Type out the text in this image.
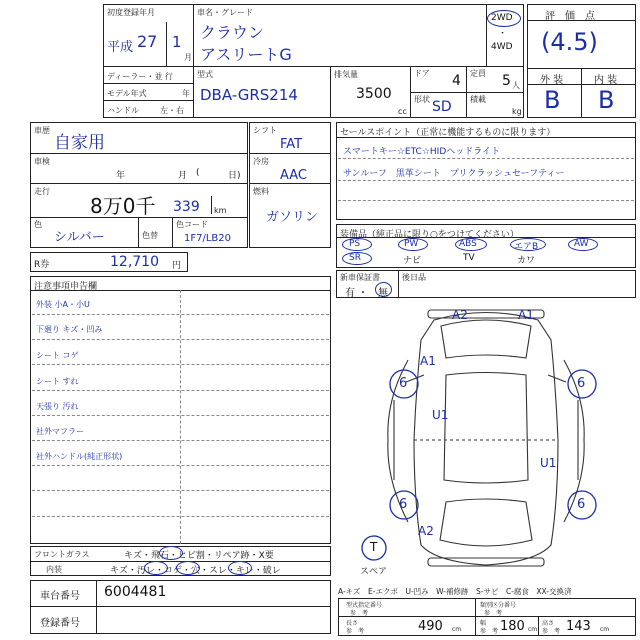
初度登録年月
平成 27 1
月
車名・グレード
クラウン
アスリートG
2WD
・
4WD
ディーラー・並 行
モデル年式	年
ハンドル	左・右
型式
DBA-GRS214
排気量
3500
cc
ドア 4 定員 5 人
形状 SD 積載
kg
評　価　点
(4.5)
外 装	内 装
B B
車歴
自家用
車検
年	月 (	日)
走行
8万0千 339 km
色
シルバー	色替
色コード
1F7/LB20
シフト
FAT
冷房
AAC
燃料
ガソリン
R券	12,710 円
セールスポイント（正常に機能するものに限ります）
スマートキー☆ETC☆HIDヘッドライト
サンルーフ　黒革シート　プリクラッシュセーフティー
装備品（純正品に限り○をつけてください）
PS	PW	ABS	エアB	AW
SR	ナビ	TV	カワ
新車保証書
有 ・ 無
後日品
注意事項申告欄
外装 小A・小U
下廻り キズ・凹み
シート コゲ
シート すれ
天張り 汚れ
社外マフラー
社外ハンドル(純正形状)
フロントガラス	キズ・飛石・ヒビ割・リペア跡・X要
内装	キズ・汚レ・コゲ・穴・スレ・キレ・破レ
車台番号 6004481
登録番号
A2	A1
A1
6	6
U1
U1
6	6
A2
T
スペア
A-キズ　E-エクボ　U-凹み　W-補修跡　S-サビ　C-腐食　XX-交換済
型式指定番号
参　考
類別区分番号
参　考
長さ
参　考	490 cm
幅
参　考 180 cm
高さ
参　考 143 cm
